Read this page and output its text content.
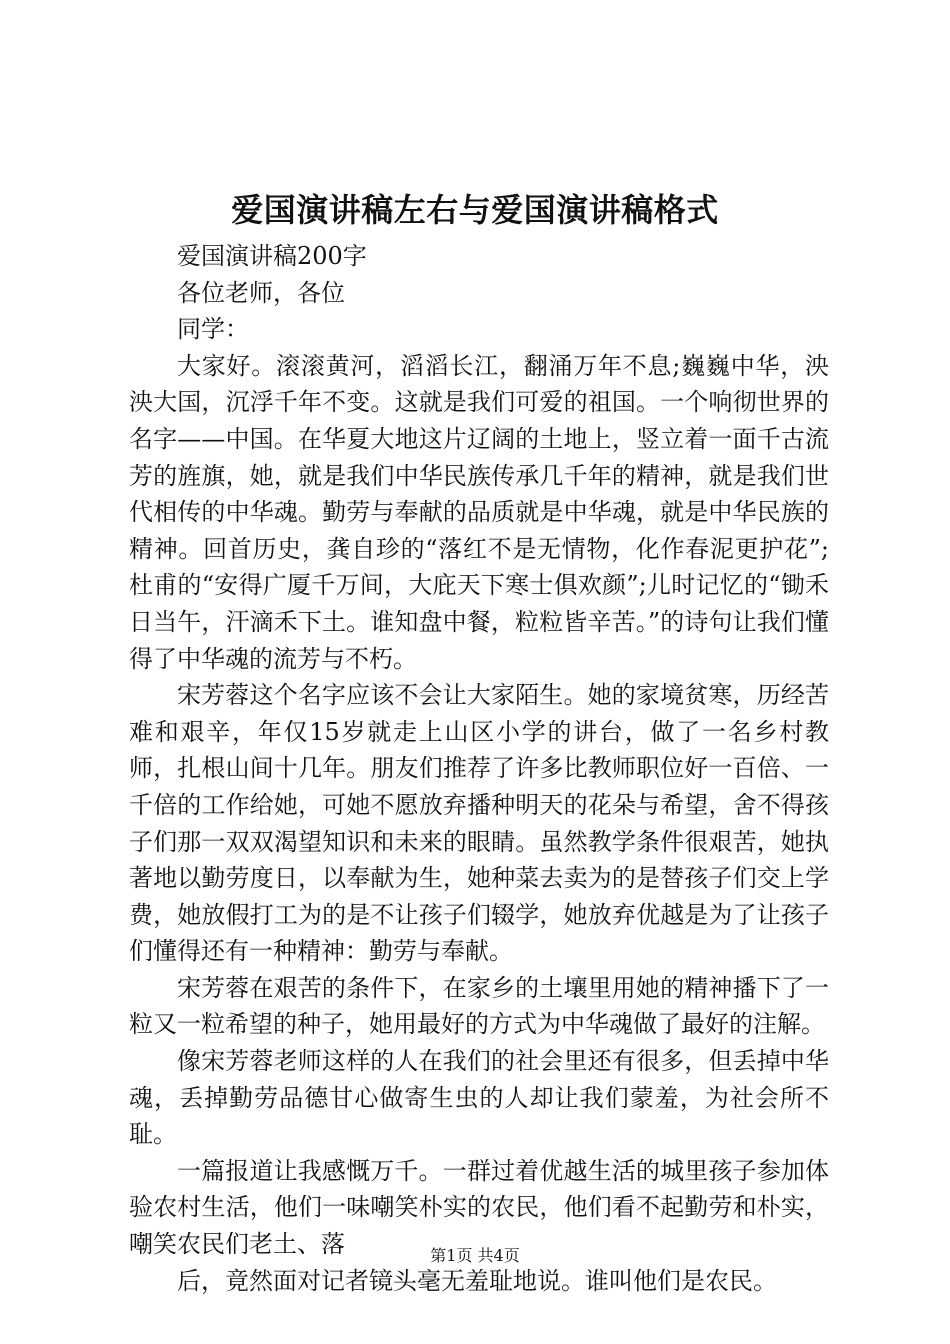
爱国演讲稿左右与爱国演讲稿格式

爱国演讲稿200字

各位老师，各位

同学：

大家好。滚滚黄河，滔滔长江，翻涌万年不息;巍巍中华，泱泱大国，沉浮千年不变。这就是我们可爱的祖国。一个响彻世界的名字——中国。在华夏大地这片辽阔的土地上，竖立着一面千古流芳的旌旗，她，就是我们中华民族传承几千年的精神，就是我们世代相传的中华魂。勤劳与奉献的品质就是中华魂，就是中华民族的精神。回首历史，龚自珍的“落红不是无情物，化作春泥更护花”;杜甫的“安得广厦千万间，大庇天下寒士俱欢颜”;儿时记忆的“锄禾日当午，汗滴禾下土。谁知盘中餐，粒粒皆辛苦。”的诗句让我们懂得了中华魂的流芳与不朽。

宋芳蓉这个名字应该不会让大家陌生。她的家境贫寒，历经苦难和艰辛，年仅15岁就走上山区小学的讲台，做了一名乡村教师，扎根山间十几年。朋友们推荐了许多比教师职位好一百倍、一千倍的工作给她，可她不愿放弃播种明天的花朵与希望，舍不得孩子们那一双双渴望知识和未来的眼睛。虽然教学条件很艰苦，她执著地以勤劳度日，以奉献为生，她种菜去卖为的是替孩子们交上学费，她放假打工为的是不让孩子们辍学，她放弃优越是为了让孩子们懂得还有一种精神：勤劳与奉献。

宋芳蓉在艰苦的条件下，在家乡的土壤里用她的精神播下了一粒又一粒希望的种子，她用最好的方式为中华魂做了最好的注解。

像宋芳蓉老师这样的人在我们的社会里还有很多，但丢掉中华魂，丢掉勤劳品德甘心做寄生虫的人却让我们蒙羞，为社会所不耻。

一篇报道让我感慨万千。一群过着优越生活的城里孩子参加体验农村生活，他们一味嘲笑朴实的农民，他们看不起勤劳和朴实，嘲笑农民们老土、落

后，竟然面对记者镜头毫无羞耻地说。谁叫他们是农民。

第1页 共4页
